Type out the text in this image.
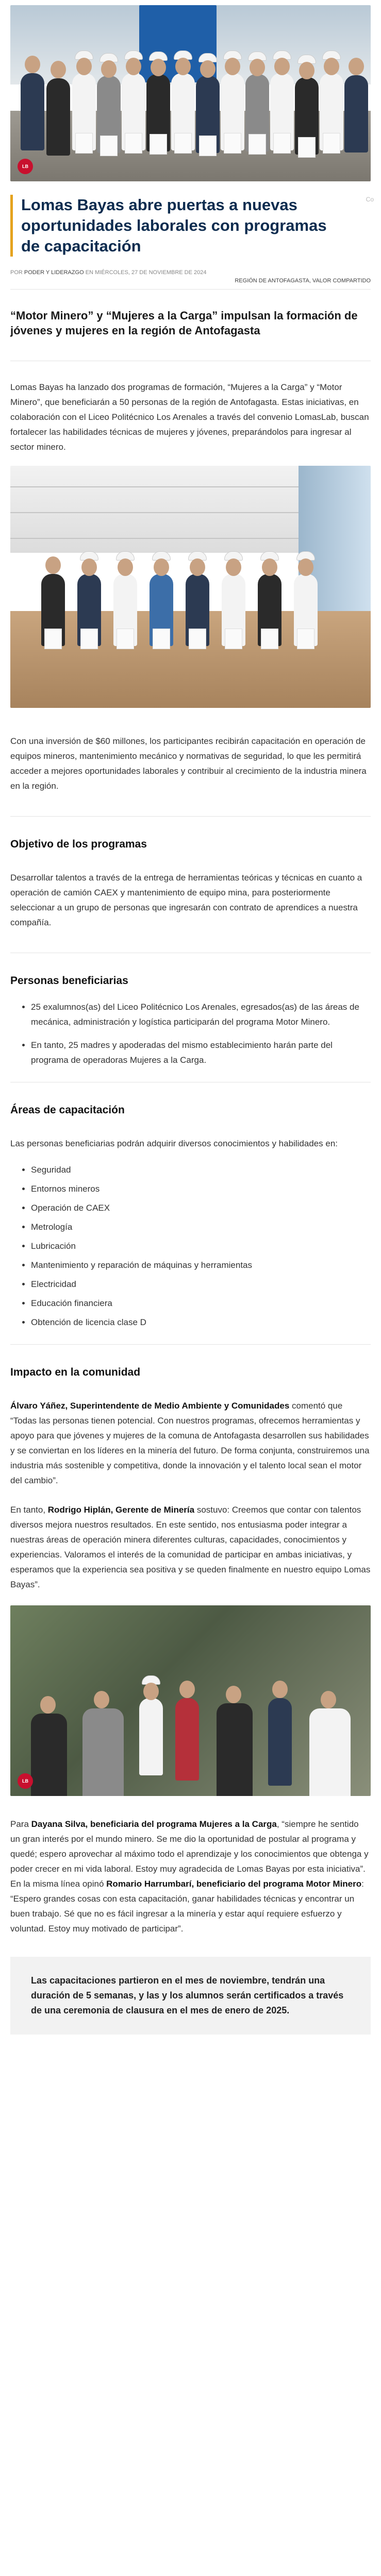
LB
Lomas Bayas abre puertas a nuevas oportunidades laborales con programas de capacitación
Co
POR PODER Y LIDERAZGO EN MIÉRCOLES, 27 DE NOVIEMBRE DE 2024
REGIÓN DE ANTOFAGASTA, VALOR COMPARTIDO
“Motor Minero” y “Mujeres a la Carga” impulsan la formación de jóvenes y mujeres en la región de Antofagasta

Lomas Bayas ha lanzado dos programas de formación, “Mujeres a la Carga” y “Motor Minero”, que beneficiarán a 50 personas de la región de Antofagasta. Estas iniciativas, en colaboración con el Liceo Politécnico Los Arenales a través del convenio LomasLab, buscan fortalecer las habilidades técnicas de mujeres y jóvenes, preparándolos para ingresar al sector minero.

Con una inversión de $60 millones, los participantes recibirán capacitación en operación de equipos mineros, mantenimiento mecánico y normativas de seguridad, lo que les permitirá acceder a mejores oportunidades laborales y contribuir al crecimiento de la industria minera en la región.

Objetivo de los programas

Desarrollar talentos a través de la entrega de herramientas teóricas y técnicas en cuanto a operación de camión CAEX y mantenimiento de equipo mina, para posteriormente seleccionar a un grupo de personas que ingresarán con contrato de aprendices a nuestra compañía.

Personas beneficiarias
• 25 exalumnos(as) del Liceo Politécnico Los Arenales, egresados(as) de las áreas de mecánica, administración y logística participarán del programa Motor Minero.
• En tanto, 25 madres y apoderadas del mismo establecimiento harán parte del programa de operadoras Mujeres a la Carga.
Áreas de capacitación

Las personas beneficiarias podrán adquirir diversos conocimientos y habilidades en:

• Seguridad
• Entornos mineros
• Operación de CAEX
• Metrología
• Lubricación
• Mantenimiento y reparación de máquinas y herramientas
• Electricidad
• Educación financiera
• Obtención de licencia clase D
Impacto en la comunidad

Álvaro Yáñez, Superintendente de Medio Ambiente y Comunidades comentó que “Todas las personas tienen potencial. Con nuestros programas, ofrecemos herramientas y apoyo para que jóvenes y mujeres de la comuna de Antofagasta desarrollen sus habilidades y se conviertan en los líderes en la minería del futuro. De forma conjunta, construiremos una industria más sostenible y competitiva, donde la innovación y el talento local sean el motor del cambio”.

En tanto, Rodrigo Hiplán, Gerente de Minería sostuvo: Creemos que contar con talentos diversos mejora nuestros resultados. En este sentido, nos entusiasma poder integrar a nuestras áreas de operación minera diferentes culturas, capacidades, conocimientos y experiencias. Valoramos el interés de la comunidad de participar en ambas iniciativas, y esperamos que la experiencia sea positiva y se queden finalmente en nuestro equipo Lomas Bayas”.

LB

Para Dayana Silva, beneficiaria del programa Mujeres a la Carga, “siempre he sentido un gran interés por el mundo minero. Se me dio la oportunidad de postular al programa y quedé; espero aprovechar al máximo todo el aprendizaje y los conocimientos que obtenga y poder crecer en mi vida laboral. Estoy muy agradecida de Lomas Bayas por esta iniciativa”. En la misma línea opinó Romario Harrumbarí, beneficiario del programa Motor Minero: “Espero grandes cosas con esta capacitación, ganar habilidades técnicas y encontrar un buen trabajo. Sé que no es fácil ingresar a la minería y estar aquí requiere esfuerzo y voluntad. Estoy muy motivado de participar”.

Las capacitaciones partieron en el mes de noviembre, tendrán una duración de 5 semanas, y las y los alumnos serán certificados a través de una ceremonia de clausura en el mes de enero de 2025.
